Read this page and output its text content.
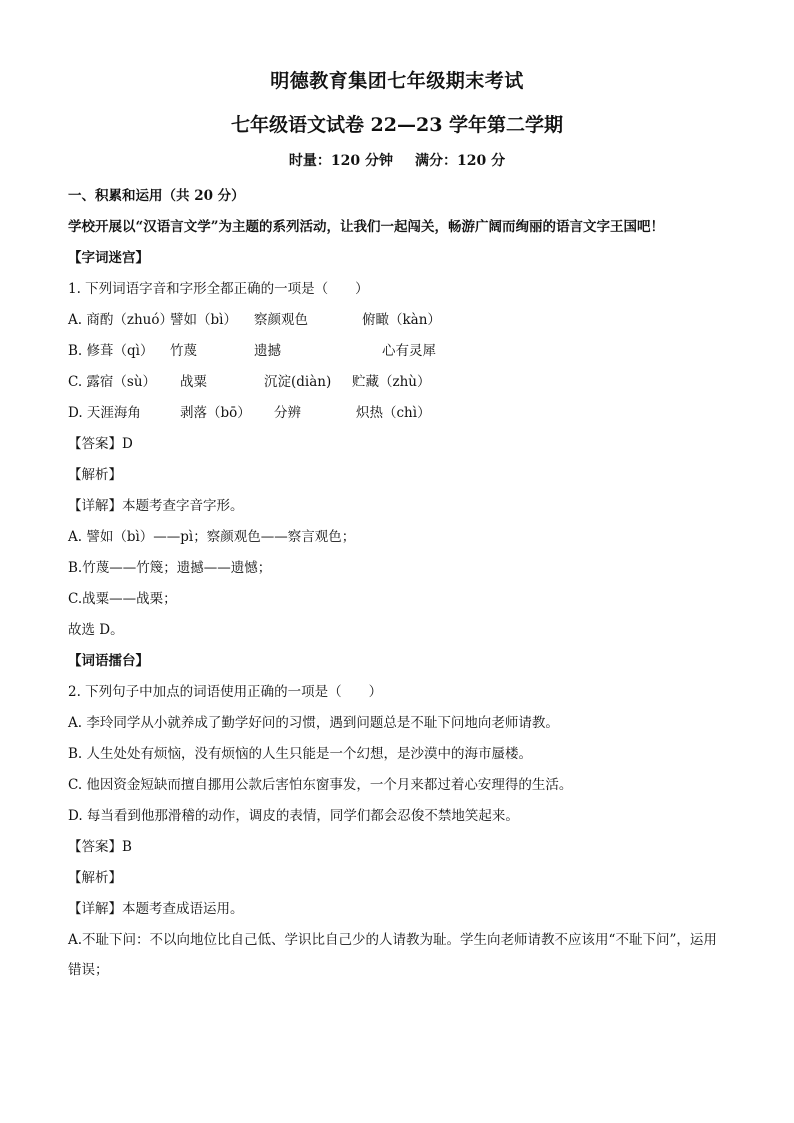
明德教育集团七年级期末考试
七年级语文试卷 22—23 学年第二学期
时量：120 分钟 满分：120 分
一、积累和运用（共 20 分）
学校开展以“汉语言文学”为主题的系列活动，让我们一起闯关，畅游广阔而绚丽的语言文字王国吧！
【字词迷宫】
1. 下列词语字音和字形全都正确的一项是（　　）
A. 商酌（zhuó）譬如（bì） 察颜观色	俯瞰（kàn）
B. 修葺（qì） 竹蔑	遗撼	心有灵犀
C. 露宿（sù） 战粟	沉淀(diàn) 贮藏（zhù）
D. 天涯海角	剥落（bō） 分辨	炽热（chì）
【答案】D
【解析】
【详解】本题考查字音字形。
A. 譬如（bì）——pì；察颜观色——察言观色；
B.竹蔑——竹篾；遗撼——遗憾；
C.战粟——战栗；
故选 D。
【词语擂台】
2. 下列句子中加点的词语使用正确的一项是（　　）
A. 李玲同学从小就养成了勤学好问的习惯，遇到问题总是不耻下问地向老师请教。
B. 人生处处有烦恼，没有烦恼的人生只能是一个幻想，是沙漠中的海市蜃楼。
C. 他因资金短缺而擅自挪用公款后害怕东窗事发，一个月来都过着心安理得的生活。
D. 每当看到他那滑稽的动作，调皮的表情，同学们都会忍俊不禁地笑起来。
【答案】B
【解析】
【详解】本题考查成语运用。
A.不耻下问：不以向地位比自己低、学识比自己少的人请教为耻。学生向老师请教不应该用“不耻下问”，运用错误；
